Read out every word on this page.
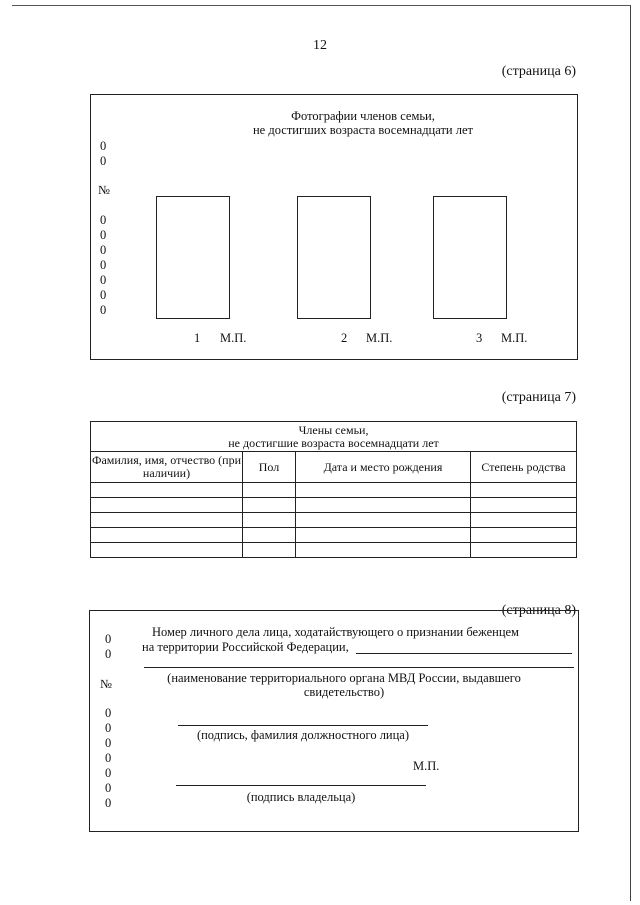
12
(страница 6)
Фотографии членов семьи,
не достигших возраста восемнадцати лет
0
0
№
0
0
0
0
0
0
0
1 М.П.	2 М.П.	3 М.П.
(страница 7)
Члены семьи,
не достигшие возраста восемнадцати лет			

Фамилия, имя, отчество (при наличии)	Пол	Дата и место рождения	Степень родства

(страница 8)
0
0
№
0
0
0
0
0
0
0
Номер личного дела лица, ходатайствующего о признании беженцем
на территории Российской Федерации,
(наименование территориального органа МВД России, выдавшего свидетельство)
(подпись, фамилия должностного лица)
М.П.
(подпись владельца)
